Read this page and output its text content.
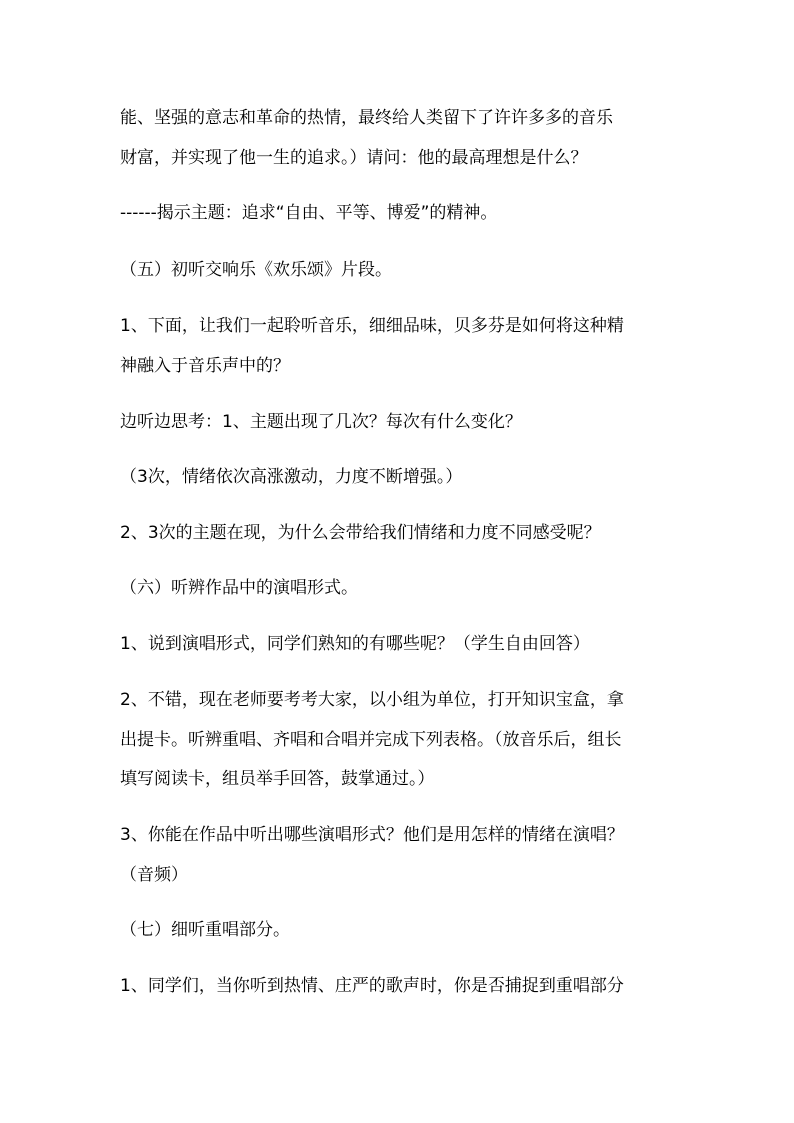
能、坚强的意志和革命的热情，最终给人类留下了许许多多的音乐
财富，并实现了他一生的追求。）请问：他的最高理想是什么？
------揭示主题：追求“自由、平等、博爱”的精神。
（五）初听交响乐《欢乐颂》片段。
1、下面，让我们一起聆听音乐，细细品味，贝多芬是如何将这种精
神融入于音乐声中的？
边听边思考：1、主题出现了几次？每次有什么变化？
（3次，情绪依次高涨激动，力度不断增强。）
2、3次的主题在现，为什么会带给我们情绪和力度不同感受呢？
（六）听辨作品中的演唱形式。
1、说到演唱形式，同学们熟知的有哪些呢？（学生自由回答）
2、不错，现在老师要考考大家，以小组为单位，打开知识宝盒，拿
出提卡。听辨重唱、齐唱和合唱并完成下列表格。（放音乐后，组长
填写阅读卡，组员举手回答，鼓掌通过。）
3、你能在作品中听出哪些演唱形式？他们是用怎样的情绪在演唱？
（音频）
（七）细听重唱部分。
1、同学们，当你听到热情、庄严的歌声时，你是否捕捉到重唱部分
